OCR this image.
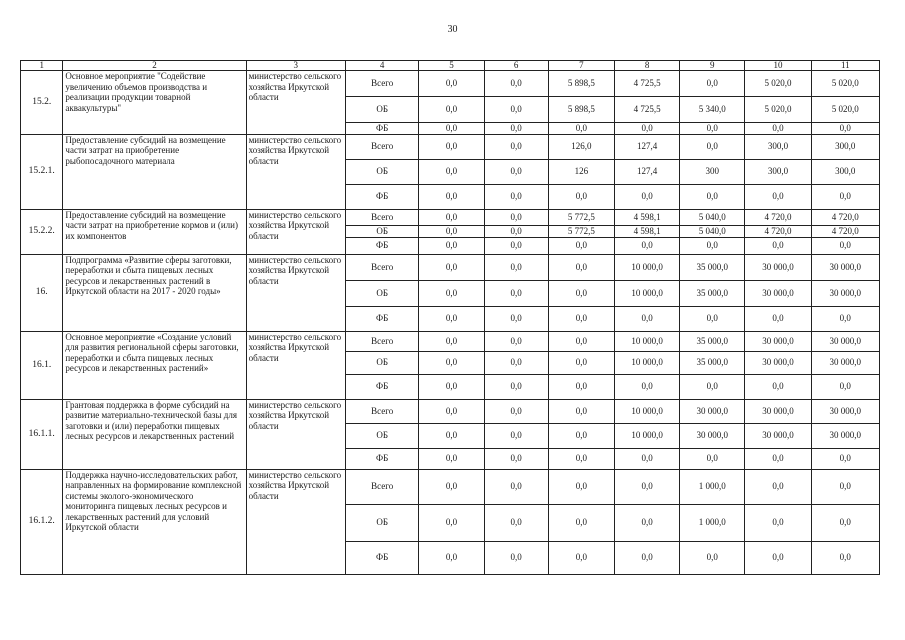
30
1	2	3	4	5	6	7	8	9	10	11
15.2.	Основное мероприятие "Содействие увеличению объемов производства и реализации продукции товарной аквакультуры"	министерство сельского хозяйства Иркутской области	Всего	0,0	0,0	5 898,5	4 725,5	0,0	5 020,0	5 020,0
			ОБ	0,0	0,0	5 898,5	4 725,5	5 340,0	5 020,0	5 020,0
			ФБ	0,0	0,0	0,0	0,0	0,0	0,0	0,0
15.2.1.	Предоставление субсидий на возмещение части затрат на приобретение рыбопосадочного материала	министерство сельского хозяйства Иркутской области	Всего	0,0	0,0	126,0	127,4	0,0	300,0	300,0
			ОБ	0,0	0,0	126	127,4	300	300,0	300,0
			ФБ	0,0	0,0	0,0	0,0	0,0	0,0	0,0
15.2.2.	Предоставление субсидий на возмещение части затрат на приобретение кормов и (или) их компонентов	министерство сельского хозяйства Иркутской области	Всего	0,0	0,0	5 772,5	4 598,1	5 040,0	4 720,0	4 720,0
			ОБ	0,0	0,0	5 772,5	4 598,1	5 040,0	4 720,0	4 720,0
			ФБ	0,0	0,0	0,0	0,0	0,0	0,0	0,0
16.	Подпрограмма «Развитие сферы заготовки, переработки и сбыта пищевых лесных ресурсов и лекарственных растений в Иркутской области на 2017 - 2020 годы»	министерство сельского хозяйства Иркутской области	Всего	0,0	0,0	0,0	10 000,0	35 000,0	30 000,0	30 000,0
			ОБ	0,0	0,0	0,0	10 000,0	35 000,0	30 000,0	30 000,0
			ФБ	0,0	0,0	0,0	0,0	0,0	0,0	0,0
16.1.	Основное мероприятие «Создание условий для развития региональной сферы заготовки, переработки и сбыта пищевых лесных ресурсов и лекарственных растений»	министерство сельского хозяйства Иркутской области	Всего	0,0	0,0	0,0	10 000,0	35 000,0	30 000,0	30 000,0
			ОБ	0,0	0,0	0,0	10 000,0	35 000,0	30 000,0	30 000,0
			ФБ	0,0	0,0	0,0	0,0	0,0	0,0	0,0
16.1.1.	Грантовая поддержка в форме субсидий на развитие материально-технической базы для заготовки и (или) переработки пищевых лесных ресурсов и лекарственных растений	министерство сельского хозяйства Иркутской области	Всего	0,0	0,0	0,0	10 000,0	30 000,0	30 000,0	30 000,0
			ОБ	0,0	0,0	0,0	10 000,0	30 000,0	30 000,0	30 000,0
			ФБ	0,0	0,0	0,0	0,0	0,0	0,0	0,0
16.1.2.	Поддержка научно-исследовательских работ, направленных на формирование комплексной системы эколого-экономического мониторинга пищевых лесных ресурсов и лекарственных растений для условий Иркутской области	министерство сельского хозяйства Иркутской области	Всего	0,0	0,0	0,0	0,0	1 000,0	0,0	0,0
			ОБ	0,0	0,0	0,0	0,0	1 000,0	0,0	0,0
			ФБ	0,0	0,0	0,0	0,0	0,0	0,0	0,0
